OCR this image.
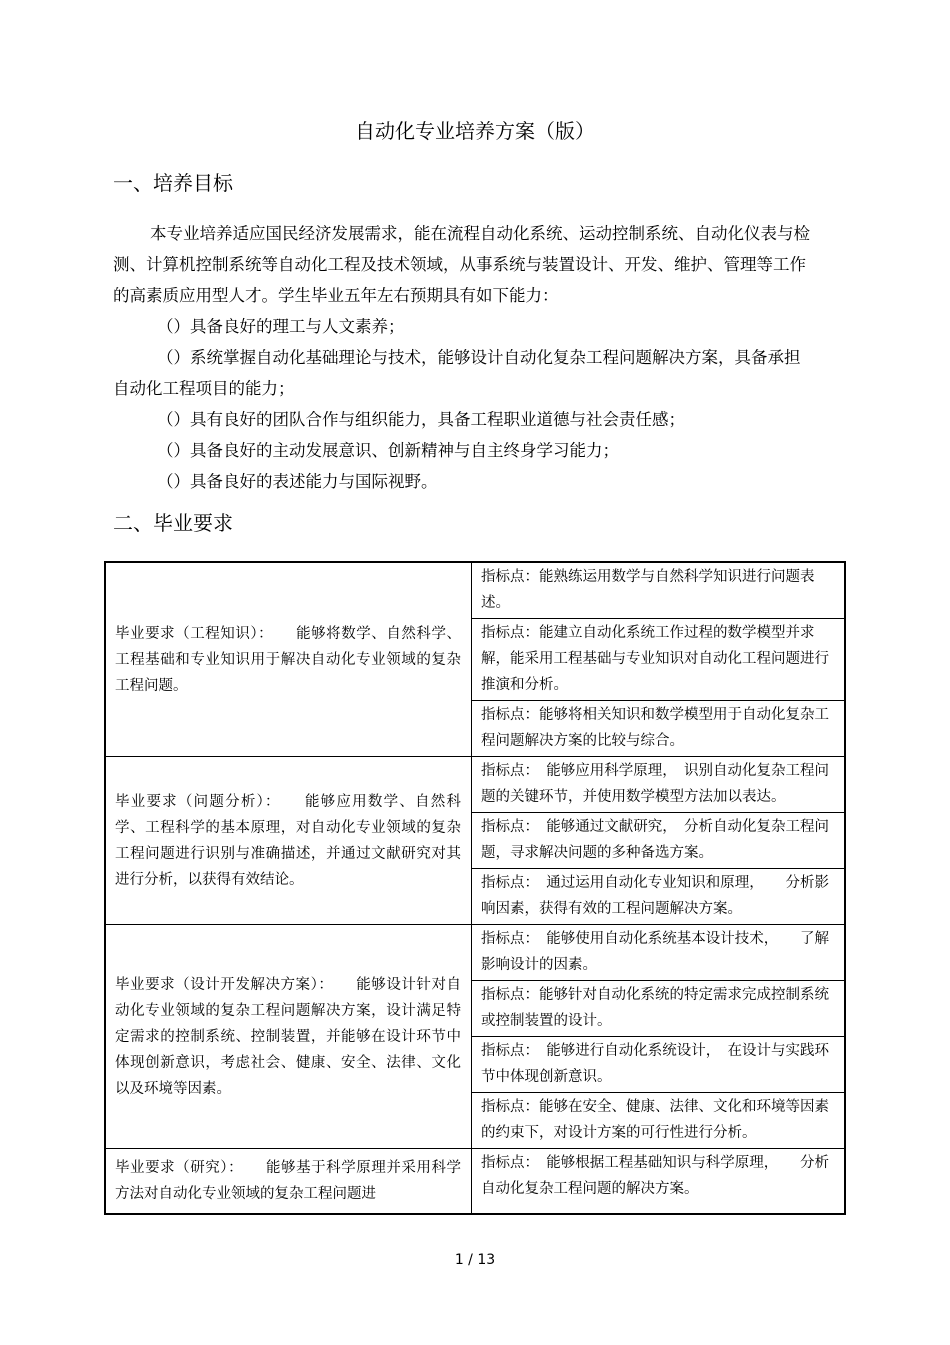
自动化专业培养方案（版）
一、培养目标

本专业培养适应国民经济发展需求，能在流程自动化系统、运动控制系统、自动化仪表与检测、计算机控制系统等自动化工程及技术领域，从事系统与装置设计、开发、维护、管理等工作的高素质应用型人才。学生毕业五年左右预期具有如下能力：

（）具备良好的理工与人文素养；

（）系统掌握自动化基础理论与技术，能够设计自动化复杂工程问题解决方案，具备承担自动化工程项目的能力；

（）具有良好的团队合作与组织能力，具备工程职业道德与社会责任感；

（）具备良好的主动发展意识、创新精神与自主终身学习能力；

（）具备良好的表述能力与国际视野。

二、毕业要求
毕业要求（工程知识）：　　能够将数学、自然科学、工程基础和专业知识用于解决自动化专业领域的复杂工程问题。	指标点：能熟练运用数学与自然科学知识进行问题表述。
	指标点：能建立自动化系统工作过程的数学模型并求解，能采用工程基础与专业知识对自动化工程问题进行推演和分析。
	指标点：能够将相关知识和数学模型用于自动化复杂工程问题解决方案的比较与综合。
毕业要求（问题分析）：　　能够应用数学、自然科学、工程科学的基本原理，对自动化专业领域的复杂工程问题进行识别与准确描述，并通过文献研究对其进行分析，以获得有效结论。	指标点：　能够应用科学原理，　识别自动化复杂工程问题的关键环节，并使用数学模型方法加以表达。
	指标点：　能够通过文献研究，　分析自动化复杂工程问题，寻求解决问题的多种备选方案。
	指标点：　通过运用自动化专业知识和原理，　　分析影响因素，获得有效的工程问题解决方案。
毕业要求（设计开发解决方案）：　　能够设计针对自动化专业领域的复杂工程问题解决方案，设计满足特定需求的控制系统、控制装置，并能够在设计环节中体现创新意识，考虑社会、健康、安全、法律、文化以及环境等因素。	指标点：　能够使用自动化系统基本设计技术，　　了解影响设计的因素。
	指标点：能够针对自动化系统的特定需求完成控制系统或控制装置的设计。
	指标点：　能够进行自动化系统设计，　在设计与实践环节中体现创新意识。
	指标点：能够在安全、健康、法律、文化和环境等因素的约束下，对设计方案的可行性进行分析。
毕业要求（研究）：　　能够基于科学原理并采用科学方法对自动化专业领域的复杂工程问题进	指标点：　能够根据工程基础知识与科学原理，　　分析自动化复杂工程问题的解决方案。
1 / 13
